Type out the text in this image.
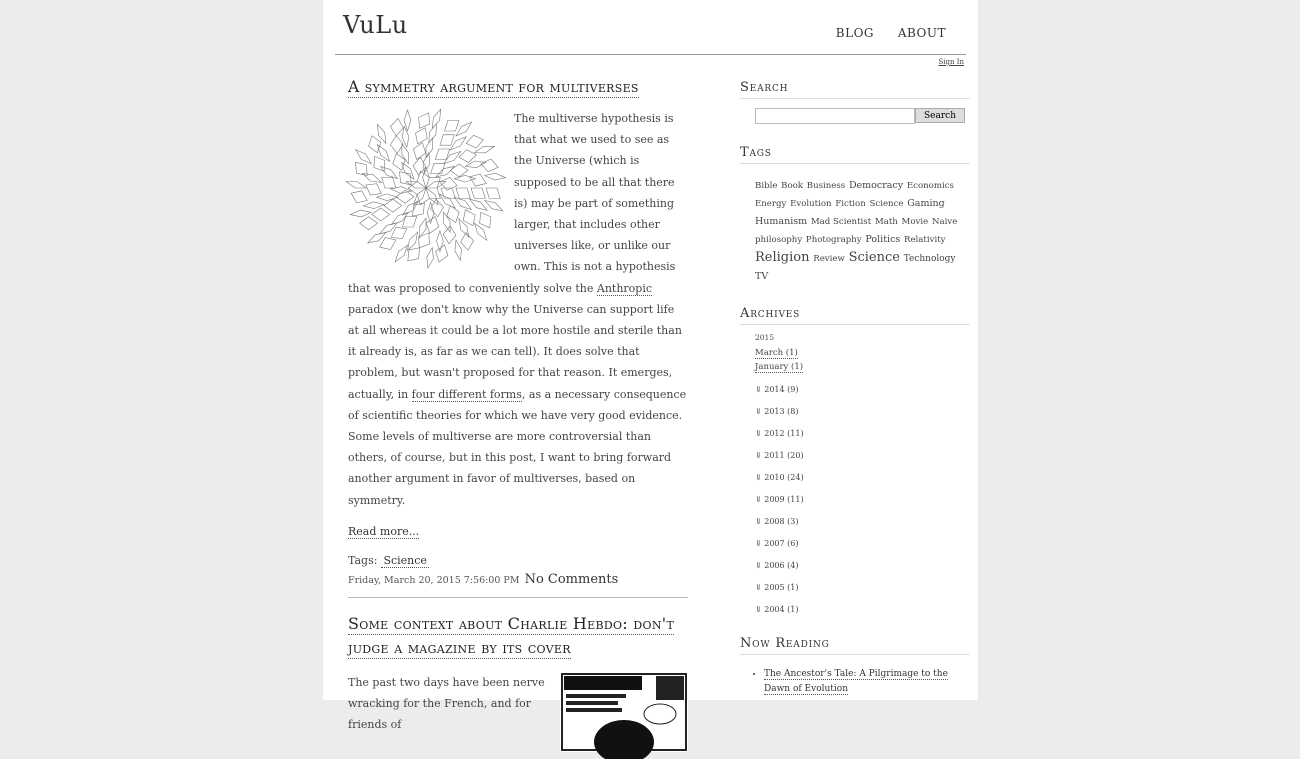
VuLu	BLOG ABOUT
Sign In
A symmetry argument for multiverses
The multiverse hypothesis is that what we used to see as the Universe (which is supposed to be all that there is) may be part of something larger, that includes other universes like, or unlike our own. This is not a hypothesis that was proposed to conveniently solve the Anthropic paradox (we don't know why the Universe can support life at all whereas it could be a lot more hostile and sterile than it already is, as far as we can tell). It does solve that problem, but wasn't proposed for that reason. It emerges, actually, in four different forms, as a necessary consequence of scientific theories for which we have very good evidence. Some levels of multiverse are more controversial than others, of course, but in this post, I want to bring forward another argument in favor of multiverses, based on symmetry.
Read more...
Tags: Science
Friday, March 20, 2015 7:56:00 PM No Comments
Some context about Charlie Hebdo: don't
judge a magazine by its cover
The past two days have been nerve wracking for the French, and for friends of
Search
Search
Tags
Bible Book Business Democracy Economics Energy Evolution Fiction Science Gaming Humanism Mad Scientist Math Movie Naive philosophy Photography Politics Relativity Religion Review Science Technology TV
Archives
2015
March (1)
January (1)
⇓ 2014 (9)
⇓ 2013 (8)
⇓ 2012 (11)
⇓ 2011 (20)
⇓ 2010 (24)
⇓ 2009 (11)
⇓ 2008 (3)
⇓ 2007 (6)
⇓ 2006 (4)
⇓ 2005 (1)
⇓ 2004 (1)
Now Reading
• The Ancestor's Tale: A Pilgrimage to the Dawn of Evolution
